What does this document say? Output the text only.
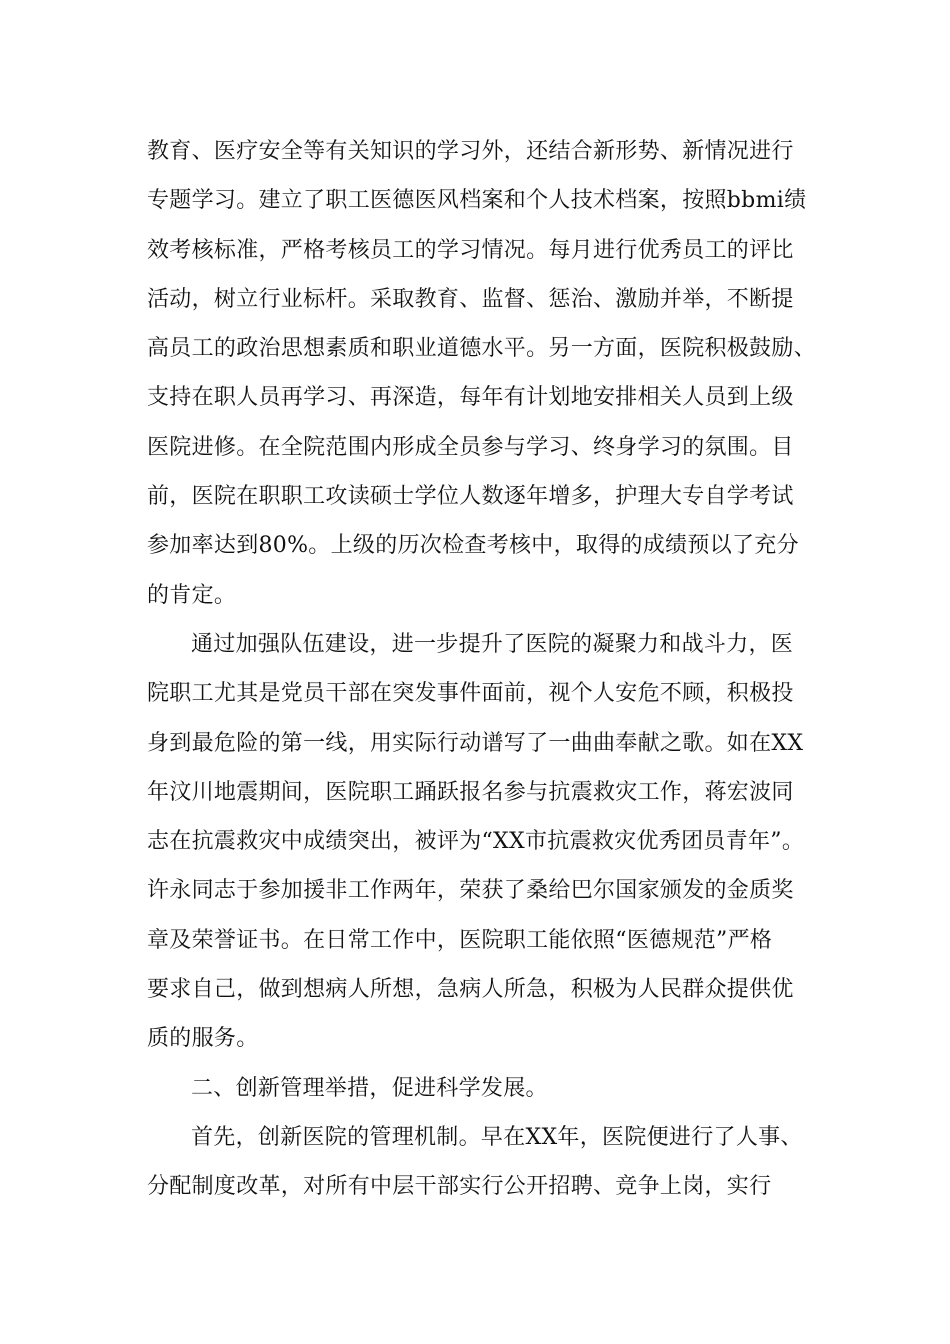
教育、医疗安全等有关知识的学习外，还结合新形势、新情况进行
专题学习。建立了职工医德医风档案和个人技术档案，按照bbmi绩
效考核标准，严格考核员工的学习情况。每月进行优秀员工的评比
活动，树立行业标杆。采取教育、监督、惩治、激励并举，不断提
高员工的政治思想素质和职业道德水平。另一方面，医院积极鼓励、
支持在职人员再学习、再深造，每年有计划地安排相关人员到上级
医院进修。在全院范围内形成全员参与学习、终身学习的氛围。目
前，医院在职职工攻读硕士学位人数逐年增多，护理大专自学考试
参加率达到80%。上级的历次检查考核中，取得的成绩预以了充分
的肯定。
通过加强队伍建设，进一步提升了医院的凝聚力和战斗力，医
院职工尤其是党员干部在突发事件面前，视个人安危不顾，积极投
身到最危险的第一线，用实际行动谱写了一曲曲奉献之歌。如在XX
年汶川地震期间，医院职工踊跃报名参与抗震救灾工作，蒋宏波同
志在抗震救灾中成绩突出，被评为“XX市抗震救灾优秀团员青年”。
许永同志于参加援非工作两年，荣获了桑给巴尔国家颁发的金质奖
章及荣誉证书。在日常工作中，医院职工能依照“医德规范”严格
要求自己，做到想病人所想，急病人所急，积极为人民群众提供优
质的服务。
二、创新管理举措，促进科学发展。
首先，创新医院的管理机制。早在XX年，医院便进行了人事、
分配制度改革，对所有中层干部实行公开招聘、竞争上岗，实行
